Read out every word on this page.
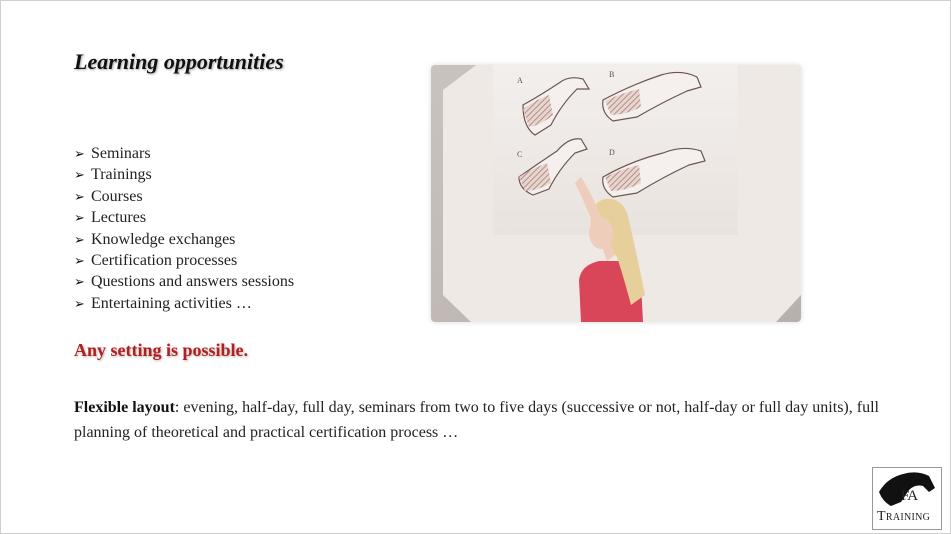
Learning opportunities
➢ Seminars
➢ Trainings
➢ Courses
➢ Lectures
➢ Knowledge exchanges
➢ Certification processes
➢ Questions and answers sessions
➢ Entertaining activities …

Any setting is possible.

Flexible layout: evening, half-day, full day, seminars from two to five days (successive or not, half-day or full day units), full planning of theoretical and practical certification process …

A
B
C	D
FA
TRAINING
